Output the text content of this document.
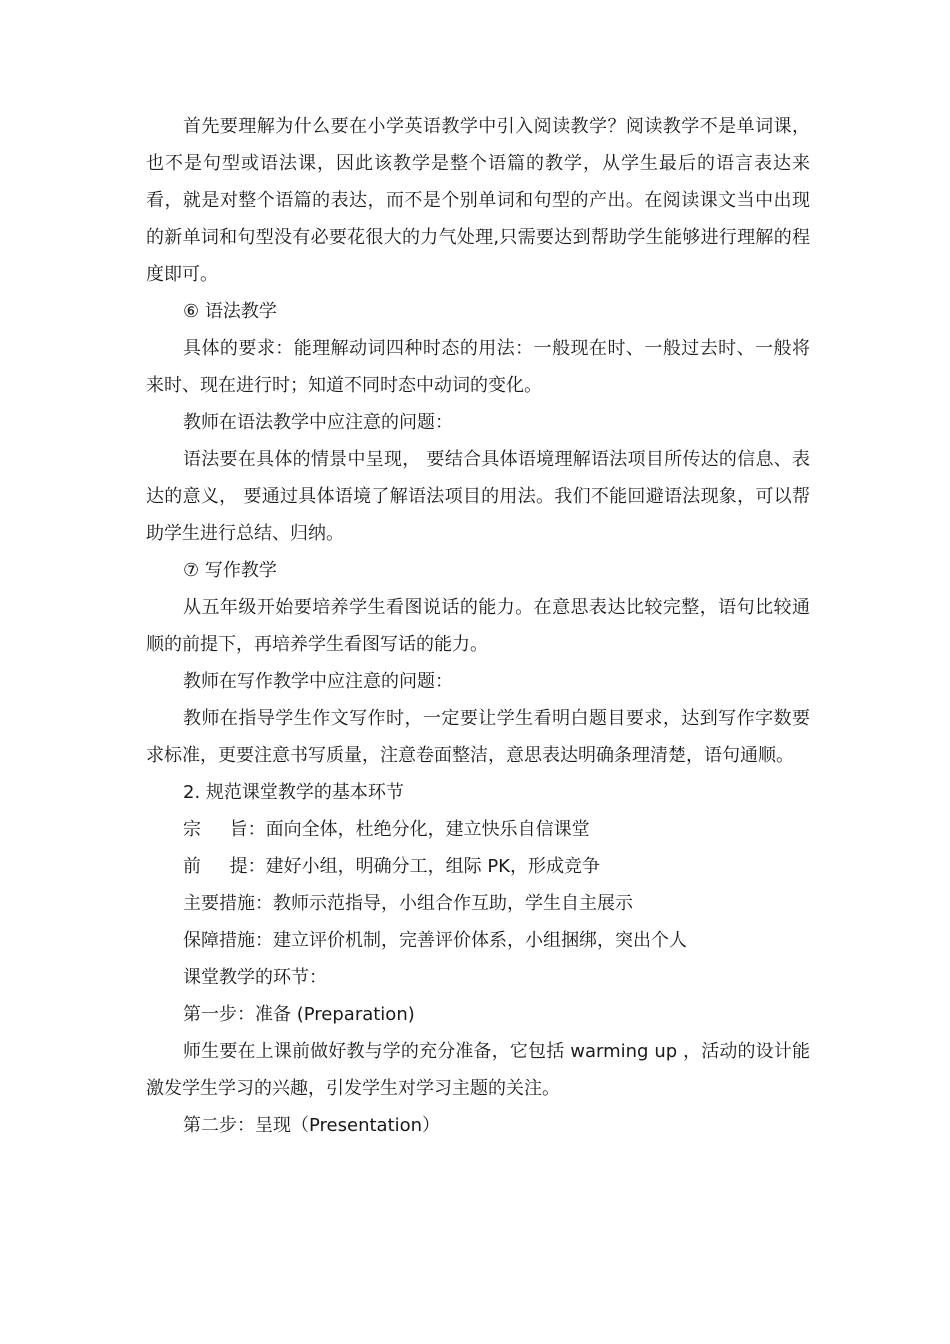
首先要理解为什么要在小学英语教学中引入阅读教学？阅读教学不是单词课，也不是句型或语法课，因此该教学是整个语篇的教学，从学生最后的语言表达来看，就是对整个语篇的表达，而不是个别单词和句型的产出。在阅读课文当中出现的新单词和句型没有必要花很大的力气处理,只需要达到帮助学生能够进行理解的程度即可。

⑥ 语法教学

具体的要求：能理解动词四种时态的用法：一般现在时、一般过去时、一般将来时、现在进行时；知道不同时态中动词的变化。

教师在语法教学中应注意的问题：

语法要在具体的情景中呈现， 要结合具体语境理解语法项目所传达的信息、表达的意义， 要通过具体语境了解语法项目的用法。我们不能回避语法现象，可以帮助学生进行总结、归纳。

⑦ 写作教学

从五年级开始要培养学生看图说话的能力。在意思表达比较完整，语句比较通顺的前提下，再培养学生看图写话的能力。

教师在写作教学中应注意的问题：

教师在指导学生作文写作时，一定要让学生看明白题目要求，达到写作字数要求标准，更要注意书写质量，注意卷面整洁，意思表达明确条理清楚，语句通顺。

2. 规范课堂教学的基本环节

宗     旨：面向全体，杜绝分化，建立快乐自信课堂

前     提：建好小组，明确分工，组际 PK，形成竞争

主要措施：教师示范指导，小组合作互助，学生自主展示

保障措施：建立评价机制，完善评价体系，小组捆绑，突出个人

课堂教学的环节：

第一步：准备 (Preparation)

师生要在上课前做好教与学的充分准备，它包括 warming up ，活动的设计能激发学生学习的兴趣，引发学生对学习主题的关注。

第二步：呈现（Presentation）
